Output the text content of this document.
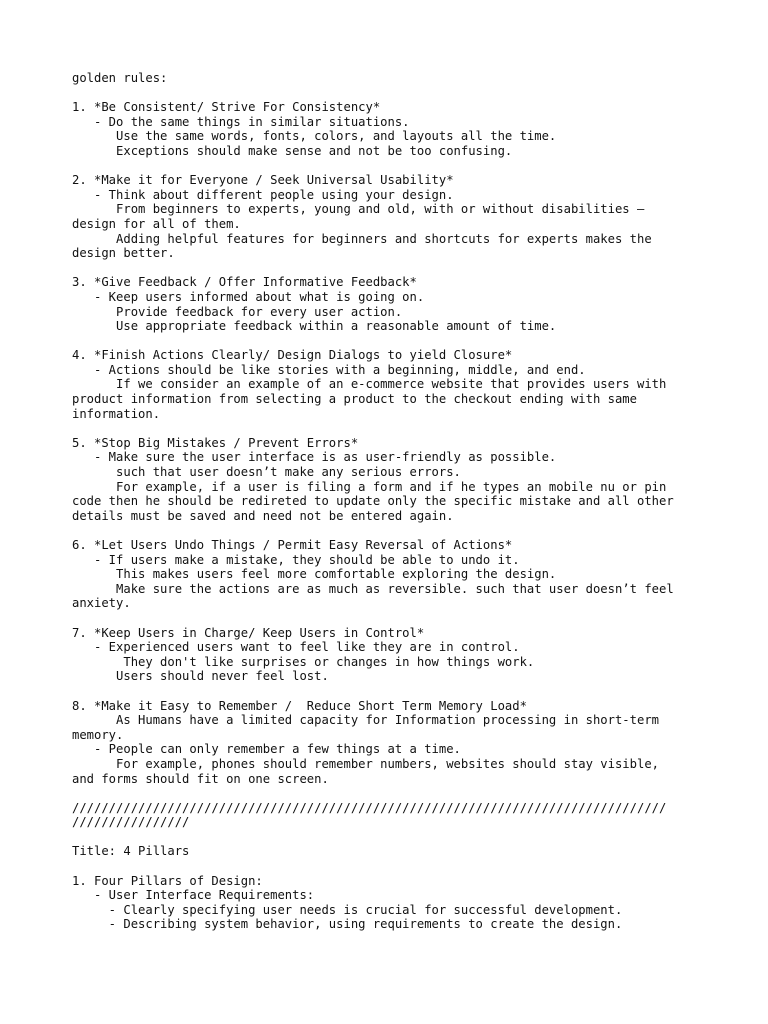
golden rules:
1. *Be Consistent/ Strive For Consistency*
- Do the same things in similar situations.
Use the same words, fonts, colors, and layouts all the time.
Exceptions should make sense and not be too confusing.
2. *Make it for Everyone / Seek Universal Usability*
- Think about different people using your design.
From beginners to experts, young and old, with or without disabilities –
design for all of them.
Adding helpful features for beginners and shortcuts for experts makes the
design better.
3. *Give Feedback / Offer Informative Feedback*
- Keep users informed about what is going on.
Provide feedback for every user action.
Use appropriate feedback within a reasonable amount of time.
4. *Finish Actions Clearly/ Design Dialogs to yield Closure*
- Actions should be like stories with a beginning, middle, and end.
If we consider an example of an e-commerce website that provides users with
product information from selecting a product to the checkout ending with same
information.
5. *Stop Big Mistakes / Prevent Errors*
- Make sure the user interface is as user-friendly as possible.
such that user doesn’t make any serious errors.
For example, if a user is filing a form and if he types an mobile nu or pin
code then he should be redireted to update only the specific mistake and all other
details must be saved and need not be entered again.
6. *Let Users Undo Things / Permit Easy Reversal of Actions*
- If users make a mistake, they should be able to undo it.
This makes users feel more comfortable exploring the design.
Make sure the actions are as much as reversible. such that user doesn’t feel
anxiety.
7. *Keep Users in Charge/ Keep Users in Control*
- Experienced users want to feel like they are in control.
They don't like surprises or changes in how things work.
Users should never feel lost.
8. *Make it Easy to Remember /  Reduce Short Term Memory Load*
As Humans have a limited capacity for Information processing in short-term
memory.
- People can only remember a few things at a time.
For example, phones should remember numbers, websites should stay visible,
and forms should fit on one screen.
/////////////////////////////////////////////////////////////////////////////////
////////////////
Title: 4 Pillars
1. Four Pillars of Design:
- User Interface Requirements:
- Clearly specifying user needs is crucial for successful development.
- Describing system behavior, using requirements to create the design.
